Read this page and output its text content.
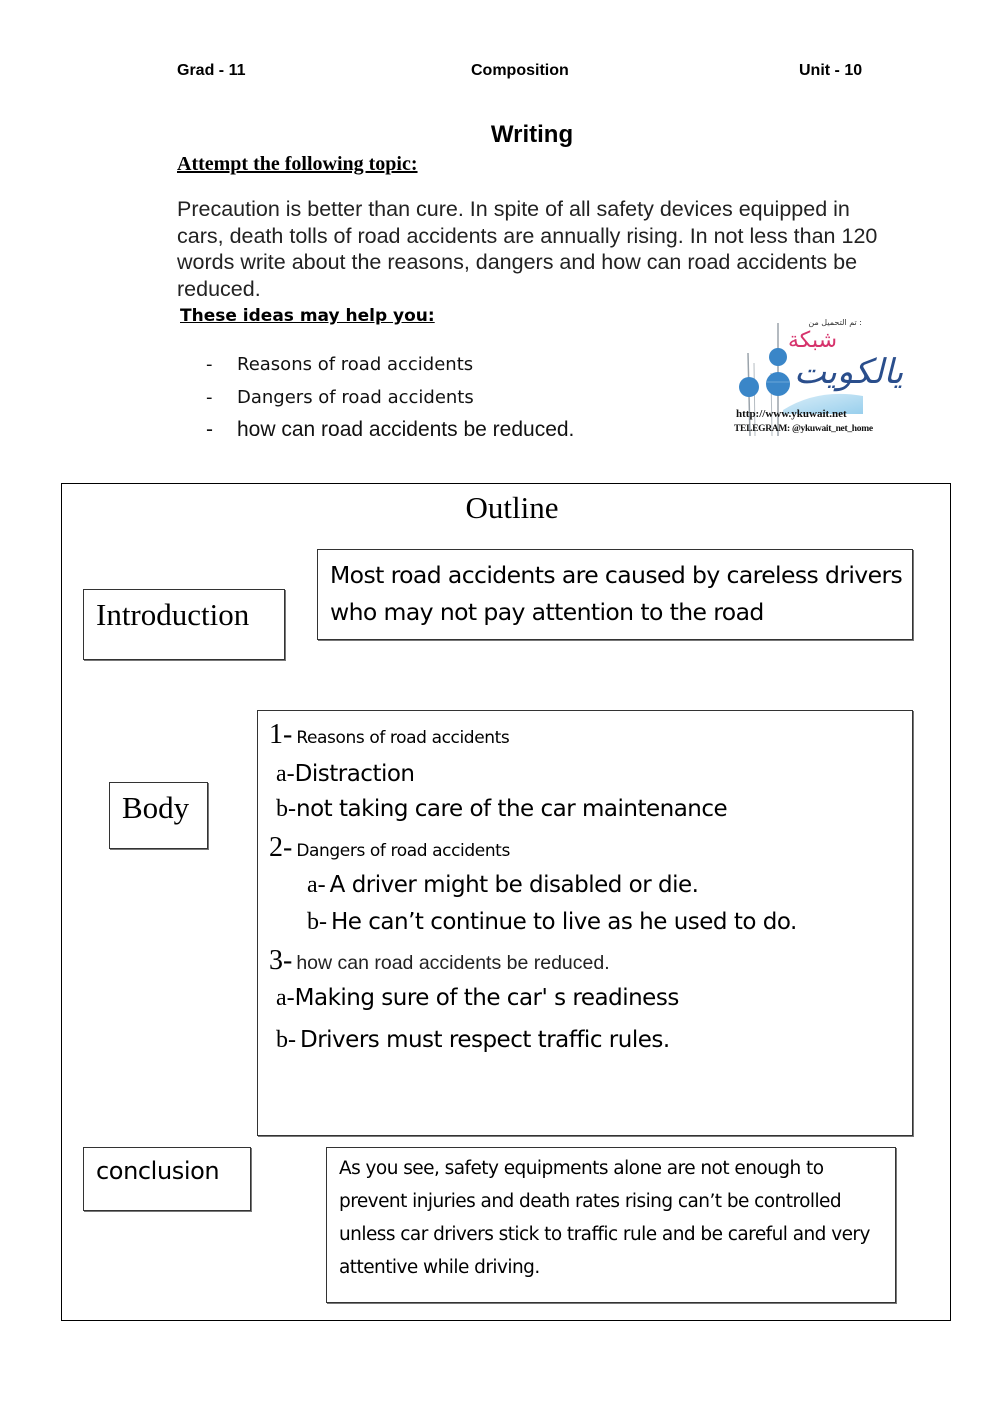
Grad - 11	Composition	Unit - 10
Writing
Attempt the following topic:
Precaution is better than cure. In spite of all safety devices equipped in cars, death tolls of road accidents are annually rising. In not less than 120 words write about the reasons, dangers and how can road accidents be reduced.
These ideas may help you:
- Reasons of road accidents
- Dangers of road accidents
- how can road accidents be reduced.
تم التحميل من :
شبكة
يالكويت
http://www.ykuwait.net
TELEGRAM: @ykuwait_net_home
Outline
Introduction
Most road accidents are caused by careless drivers who may not pay attention to the road
Body
1- Reasons of road accidents
a-Distraction
b-not taking care of the car maintenance
2- Dangers of road accidents
a- A driver might be disabled or die.
b- He can’t continue to live as he used to do.
3- how can road accidents be reduced.
a-Making sure of the car' s readiness
b- Drivers must respect traffic rules.
conclusion	As you see, safety equipments alone are not enough to prevent injuries and death rates rising can’t be controlled unless car drivers stick to traffic rule and be careful and very attentive while driving.
